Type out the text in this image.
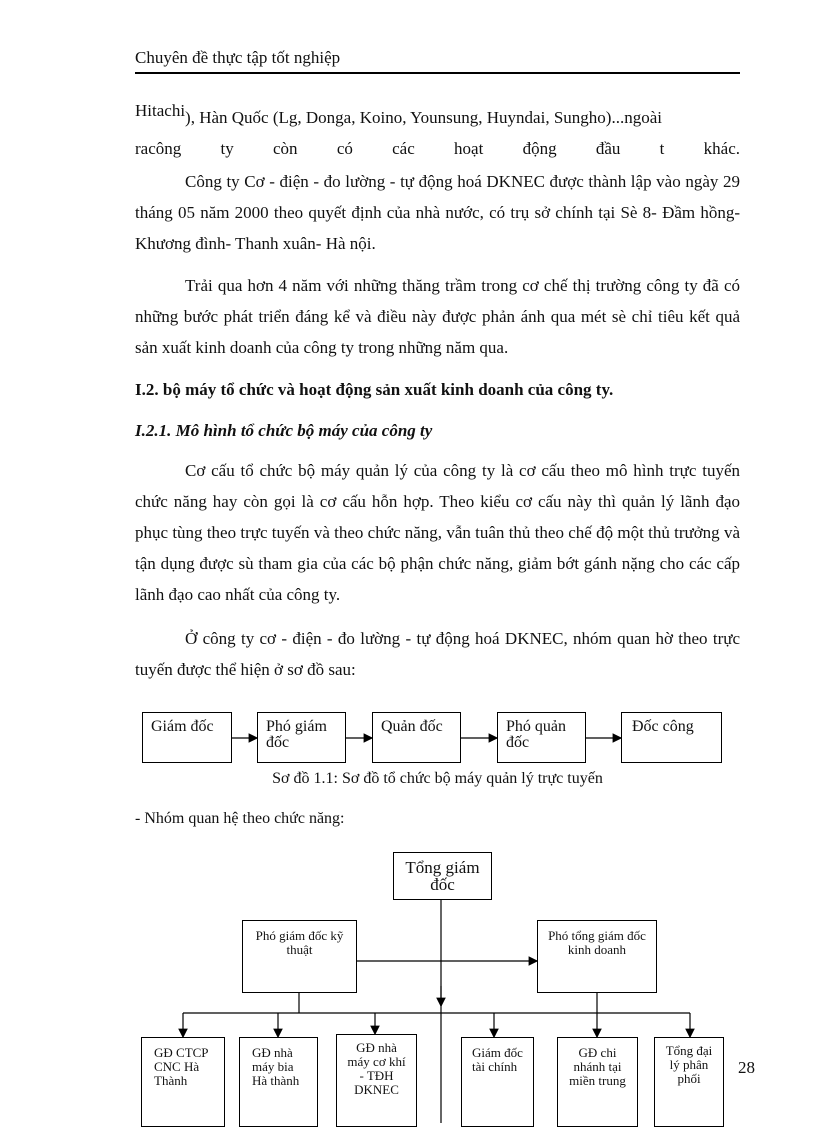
Chuyên đề thực tập tốt nghiệp
Hitachi), Hàn Quốc (Lg, Donga, Koino, Younsung, Huyndai, Sungho)...ngoài
racông ty còn có các hoạt động đầu t khác.
Công ty Cơ - điện - đo lường - tự động hoá DKNEC được thành lập vào ngày 29 tháng 05 năm 2000 theo quyết định của nhà nước, có trụ sở chính tại Sè 8- Đầm hồng- Khương đình- Thanh xuân- Hà nội.
Trải qua hơn 4 năm với những thăng trầm trong cơ chế thị trường công ty đã có những bước phát triển đáng kể và điều này được phản ánh qua mét sè chỉ tiêu kết quả sản xuất kinh doanh của công ty trong những năm qua.
I.2. bộ máy tổ chức và hoạt động sản xuất kinh doanh của công ty.
I.2.1. Mô hình tổ chức bộ máy của công ty
Cơ cấu tổ chức bộ máy quản lý của công ty là cơ cấu theo mô hình trực tuyến chức năng hay còn gọi là cơ cấu hỗn hợp. Theo kiểu cơ cấu này thì quản lý lãnh đạo phục tùng theo trực tuyến và theo chức năng, vẫn tuân thủ theo chế độ một thủ trưởng và tận dụng được sù tham gia của các bộ phận chức năng, giảm bớt gánh nặng cho các cấp lãnh đạo cao nhất của công ty.
Ở công ty cơ - điện - đo lường - tự động hoá DKNEC, nhóm quan hờ theo trực tuyến được thể hiện ở sơ đồ sau:
Giám đốc	Phó giám đốc
Quản đốc	Phó quản đốc
Đốc công
Sơ đồ 1.1: Sơ đồ tổ chức bộ máy quản lý trực tuyến
- Nhóm quan hệ theo chức năng:
Tổng giám đốc
Phó giám đốc kỹ thuật
Phó tổng giám đốc kinh doanh
GĐ CTCP CNC Hà Thành
GĐ nhà máy bia Hà thành
GĐ nhà máy cơ khí - TĐH DKNEC
Giám đốc tài chính
GĐ chi nhánh tại miền trung
Tổng đại lý phân phối
28
